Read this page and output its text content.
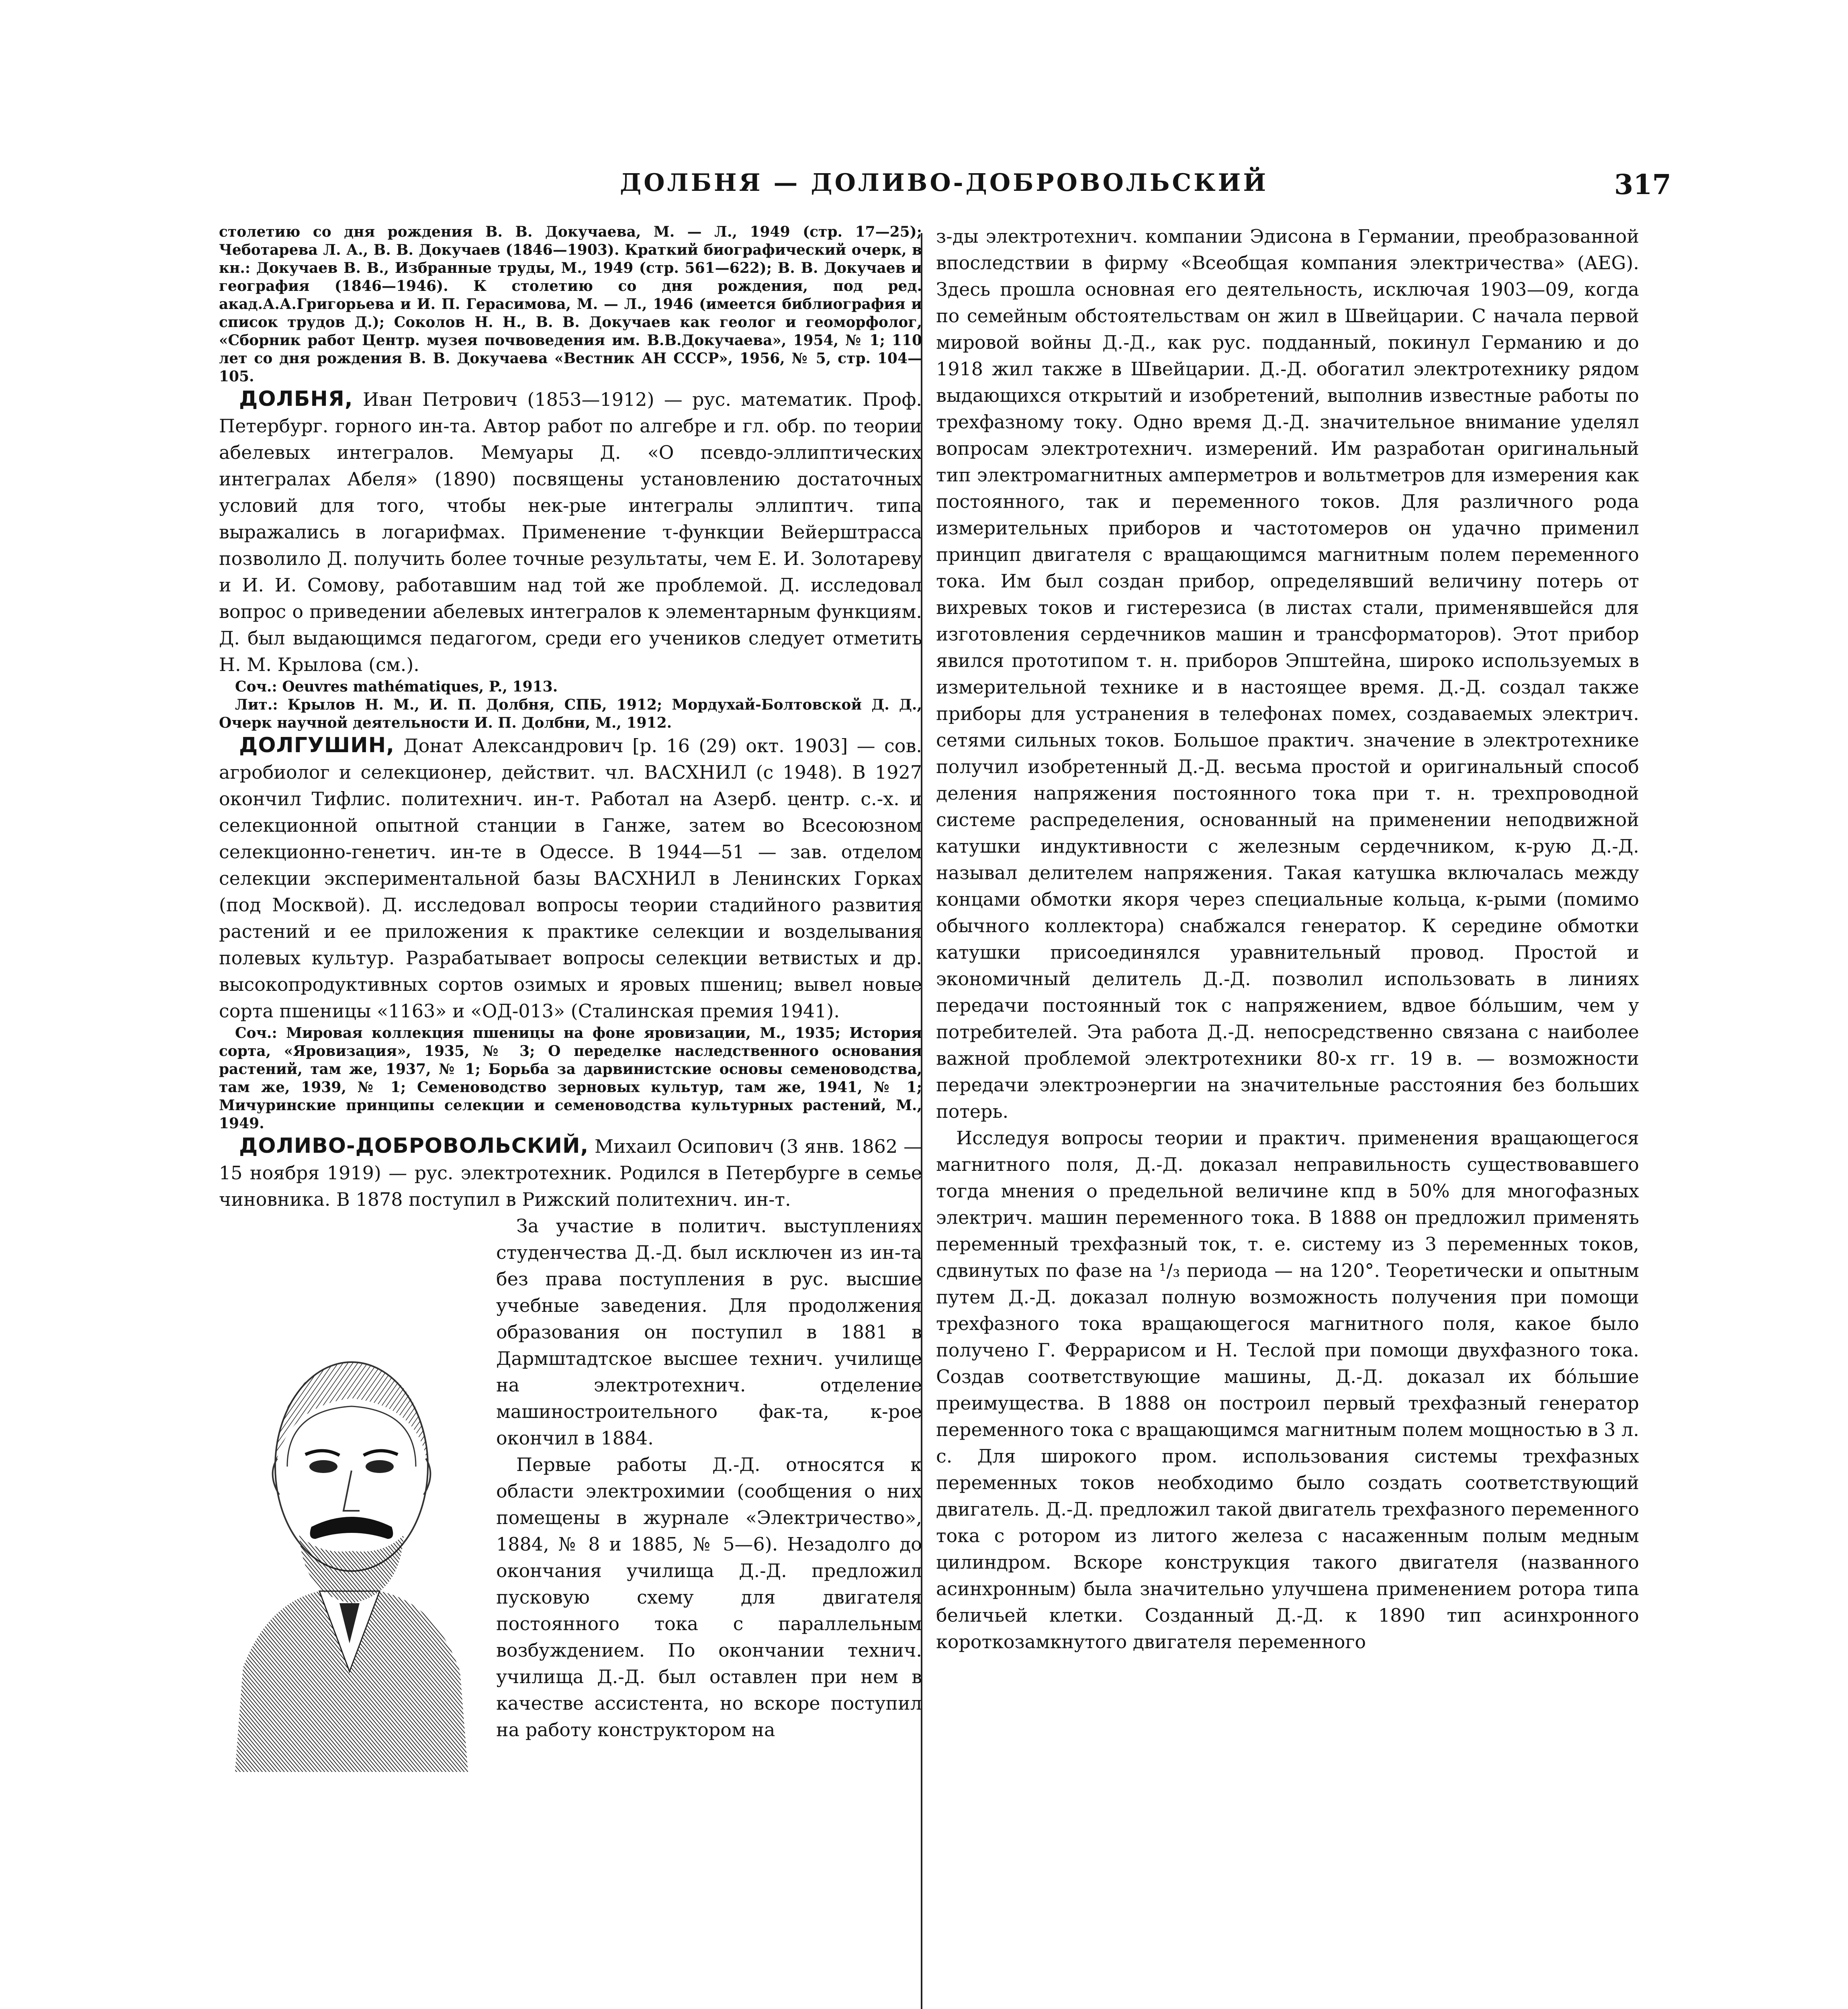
ДОЛБНЯ — ДОЛИВО-ДОБРОВОЛЬСКИЙ	317

столетию со дня рождения В. В. Докучаева, М. — Л., 1949 (стр. 17—25); Чеботарева Л. А., В. В. Докучаев (1846—1903). Краткий биографический очерк, в кн.: Докучаев В. В., Избранные труды, М., 1949 (стр. 561—622); В. В. Докучаев и география (1846—1946). К столетию со дня рождения, под ред. акад.А.А.Григорьева и И. П. Герасимова, М. — Л., 1946 (имеется библиография и список трудов Д.); Соколов Н. Н., В. В. Докучаев как геолог и геоморфолог, «Сборник работ Центр. музея почвоведения им. В.В.Докучаева», 1954, № 1; 110 лет со дня рождения В. В. Докучаева «Вестник АН СССР», 1956, № 5, стр. 104—105.

ДОЛБНЯ, Иван Петрович (1853—1912) — рус. математик. Проф. Петербург. горного ин-та. Автор работ по алгебре и гл. обр. по теории абелевых интегралов. Мемуары Д. «О псевдо-эллиптических интегралах Абеля» (1890) посвящены установлению достаточных условий для того, чтобы нек-рые интегралы эллиптич. типа выражались в логарифмах. Применение τ-функции Вейерштрасса позволило Д. получить более точные результаты, чем Е. И. Золотареву и И. И. Сомову, работавшим над той же проблемой. Д. исследовал вопрос о приведении абелевых интегралов к элементарным функциям. Д. был выдающимся педагогом, среди его учеников следует отметить Н. М. Крылова (см.).

Соч.: Oeuvres mathématiques, P., 1913.

Лит.: Крылов Н. М., И. П. Долбня, СПБ, 1912; Мордухай-Болтовской Д. Д., Очерк научной деятельности И. П. Долбни, М., 1912.

ДОЛГУШИН, Донат Александрович [р. 16 (29) окт. 1903] — сов. агробиолог и селекционер, действит. чл. ВАСХНИЛ (с 1948). В 1927 окончил Тифлис. политехнич. ин-т. Работал на Азерб. центр. с.-х. и селекционной опытной станции в Ганже, затем во Всесоюзном селекционно-генетич. ин-те в Одессе. В 1944—51 — зав. отделом селекции экспериментальной базы ВАСХНИЛ в Ленинских Горках (под Москвой). Д. исследовал вопросы теории стадийного развития растений и ее приложения к практике селекции и возделывания полевых культур. Разрабатывает вопросы селекции ветвистых и др. высокопродуктивных сортов озимых и яровых пшениц; вывел новые сорта пшеницы «1163» и «ОД-013» (Сталинская премия 1941).

Соч.: Мировая коллекция пшеницы на фоне яровизации, М., 1935; История сорта, «Яровизация», 1935, № 3; О переделке наследственного основания растений, там же, 1937, № 1; Борьба за дарвинистские основы семеноводства, там же, 1939, № 1; Семеноводство зерновых культур, там же, 1941, № 1; Мичуринские принципы селекции и семеноводства культурных растений, М., 1949.

ДОЛИВО-ДОБРОВОЛЬСКИЙ, Михаил Осипович (3 янв. 1862 — 15 ноября 1919) — рус. электротехник. Родился в Петербурге в семье чиновника. В 1878 поступил в Рижский политехнич. ин-т.

За участие в политич. выступлениях студенчества Д.-Д. был исключен из ин-та без права поступления в рус. высшие учебные заведения. Для продолжения образования он поступил в 1881 в Дармштадтское высшее технич. училище на электротехнич. отделение машиностроительного фак-та, к-рое окончил в 1884.

Первые работы Д.-Д. относятся к области электрохимии (сообщения о них помещены в журнале «Электричество», 1884, № 8 и 1885, № 5—6). Незадолго до окончания училища Д.-Д. предложил пусковую схему для двигателя постоянного тока с параллельным возбуждением. По окончании технич. училища Д.-Д. был оставлен при нем в качестве ассистента, но вскоре поступил на работу конструктором на

з-ды электротехнич. компании Эдисона в Германии, преобразованной впоследствии в фирму «Всеобщая компания электричества» (AEG). Здесь прошла основная его деятельность, исключая 1903—09, когда по семейным обстоятельствам он жил в Швейцарии. С начала первой мировой войны Д.-Д., как рус. подданный, покинул Германию и до 1918 жил также в Швейцарии. Д.-Д. обогатил электротехнику рядом выдающихся открытий и изобретений, выполнив известные работы по трехфазному току. Одно время Д.-Д. значительное внимание уделял вопросам электротехнич. измерений. Им разработан оригинальный тип электромагнитных амперметров и вольтметров для измерения как постоянного, так и переменного токов. Для различного рода измерительных приборов и частотомеров он удачно применил принцип двигателя с вращающимся магнитным полем переменного тока. Им был создан прибор, определявший величину потерь от вихревых токов и гистерезиса (в листах стали, применявшейся для изготовления сердечников машин и трансформаторов). Этот прибор явился прототипом т. н. приборов Эпштейна, широко используемых в измерительной технике и в настоящее время. Д.-Д. создал также приборы для устранения в телефонах помех, создаваемых электрич. сетями сильных токов. Большое практич. значение в электротехнике получил изобретенный Д.-Д. весьма простой и оригинальный способ деления напряжения постоянного тока при т. н. трехпроводной системе распределения, основанный на применении неподвижной катушки индуктивности с железным сердечником, к-рую Д.-Д. называл делителем напряжения. Такая катушка включалась между концами обмотки якоря через специальные кольца, к-рыми (помимо обычного коллектора) снабжался генератор. К середине обмотки катушки присоединялся уравнительный провод. Простой и экономичный делитель Д.-Д. позволил использовать в линиях передачи постоянный ток с напряжением, вдвое бо́льшим, чем у потребителей. Эта работа Д.-Д. непосредственно связана с наиболее важной проблемой электротехники 80-х гг. 19 в. — возможности передачи электроэнергии на значительные расстояния без больших потерь.

Исследуя вопросы теории и практич. применения вращающегося магнитного поля, Д.-Д. доказал неправильность существовавшего тогда мнения о предельной величине кпд в 50% для многофазных электрич. машин переменного тока. В 1888 он предложил применять переменный трехфазный ток, т. е. систему из 3 переменных токов, сдвинутых по фазе на ¹/₃ периода — на 120°. Теоретически и опытным путем Д.-Д. доказал полную возможность получения при помощи трехфазного тока вращающегося магнитного поля, какое было получено Г. Феррарисом и Н. Теслой при помощи двухфазного тока. Создав соответствующие машины, Д.-Д. доказал их бо́льшие преимущества. В 1888 он построил первый трехфазный генератор переменного тока с вращающимся магнитным полем мощностью в 3 л. с. Для широкого пром. использования системы трехфазных переменных токов необходимо было создать соответствующий двигатель. Д.-Д. предложил такой двигатель трехфазного переменного тока с ротором из литого железа с насаженным полым медным цилиндром. Вскоре конструкция такого двигателя (названного асинхронным) была значительно улучшена применением ротора типа беличьей клетки. Созданный Д.-Д. к 1890 тип асинхронного короткозамкнутого двигателя переменного
